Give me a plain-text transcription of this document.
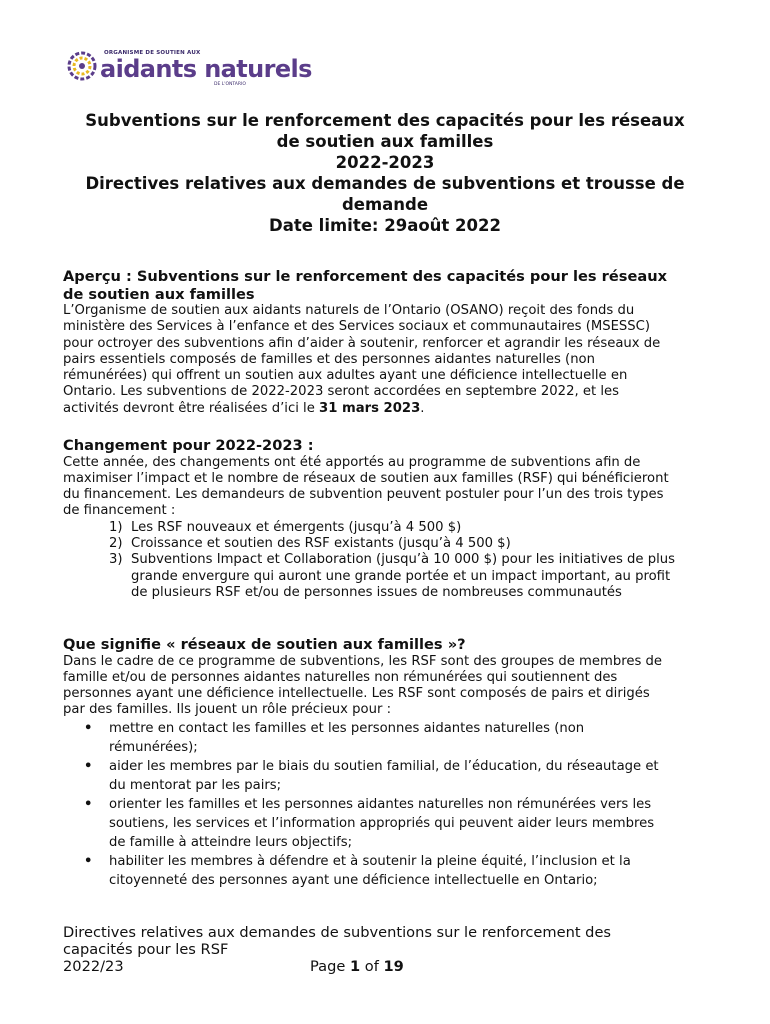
ORGANISME DE SOUTIEN AUX
aidants naturels
DE L'ONTARIO
Subventions sur le renforcement des capacités pour les réseaux
de soutien aux familles
2022-2023
Directives relatives aux demandes de subventions et trousse de
demande
Date limite: 29août 2022
Aperçu : Subventions sur le renforcement des capacités pour les réseaux
de soutien aux familles
L’Organisme de soutien aux aidants naturels de l’Ontario (OSANO) reçoit des fonds du
ministère des Services à l’enfance et des Services sociaux et communautaires (MSESSC)
pour octroyer des subventions afin d’aider à soutenir, renforcer et agrandir les réseaux de
pairs essentiels composés de familles et des personnes aidantes naturelles (non
rémunérées) qui offrent un soutien aux adultes ayant une déficience intellectuelle en
Ontario. Les subventions de 2022-2023 seront accordées en septembre 2022, et les
activités devront être réalisées d’ici le 31 mars 2023.
Changement pour 2022-2023 :
Cette année, des changements ont été apportés au programme de subventions afin de
maximiser l’impact et le nombre de réseaux de soutien aux familles (RSF) qui bénéficieront
du financement. Les demandeurs de subvention peuvent postuler pour l’un des trois types
de financement :
1) Les RSF nouveaux et émergents (jusqu’à 4 500 $)
2) Croissance et soutien des RSF existants (jusqu’à 4 500 $)
3) Subventions Impact et Collaboration (jusqu’à 10 000 $) pour les initiatives de plus
grande envergure qui auront une grande portée et un impact important, au profit
de plusieurs RSF et/ou de personnes issues de nombreuses communautés
Que signifie « réseaux de soutien aux familles »?
Dans le cadre de ce programme de subventions, les RSF sont des groupes de membres de
famille et/ou de personnes aidantes naturelles non rémunérées qui soutiennent des
personnes ayant une déficience intellectuelle. Les RSF sont composés de pairs et dirigés
par des familles. Ils jouent un rôle précieux pour :
• mettre en contact les familles et les personnes aidantes naturelles (non
rémunérées);
• aider les membres par le biais du soutien familial, de l’éducation, du réseautage et
du mentorat par les pairs;
• orienter les familles et les personnes aidantes naturelles non rémunérées vers les
soutiens, les services et l’information appropriés qui peuvent aider leurs membres
de famille à atteindre leurs objectifs;
• habiliter les membres à défendre et à soutenir la pleine équité, l’inclusion et la
citoyenneté des personnes ayant une déficience intellectuelle en Ontario;
Directives relatives aux demandes de subventions sur le renforcement des
capacités pour les RSF
2022/23	Page 1 of 19
